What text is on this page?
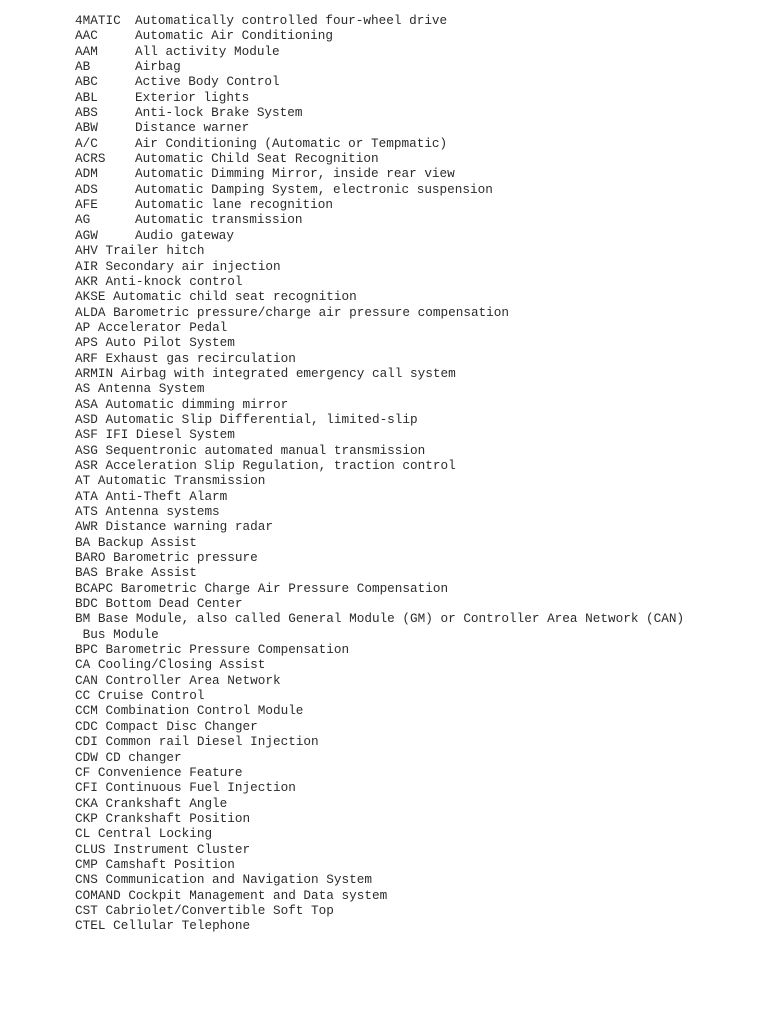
4MATIC Automatically controlled four-wheel drive
AAC	Automatic Air Conditioning
AAM	All activity Module
AB	Airbag
ABC	Active Body Control
ABL	Exterior lights
ABS	Anti-lock Brake System
ABW	Distance warner
A/C	Air Conditioning (Automatic or Tempmatic)
ACRS Automatic Child Seat Recognition
ADM	Automatic Dimming Mirror, inside rear view
ADS	Automatic Damping System, electronic suspension
AFE	Automatic lane recognition
AG	Automatic transmission
AGW	Audio gateway
AHV Trailer hitch
AIR Secondary air injection
AKR Anti-knock control
AKSE Automatic child seat recognition
ALDA Barometric pressure/charge air pressure compensation
AP Accelerator Pedal
APS Auto Pilot System
ARF Exhaust gas recirculation
ARMIN Airbag with integrated emergency call system
AS Antenna System
ASA Automatic dimming mirror
ASD Automatic Slip Differential, limited-slip
ASF IFI Diesel System
ASG Sequentronic automated manual transmission
ASR Acceleration Slip Regulation, traction control
AT Automatic Transmission
ATA Anti-Theft Alarm
ATS Antenna systems
AWR Distance warning radar
BA Backup Assist
BARO Barometric pressure
BAS Brake Assist
BCAPC Barometric Charge Air Pressure Compensation
BDC Bottom Dead Center
BM Base Module, also called General Module (GM) or Controller Area Network (CAN)
Bus Module
BPC Barometric Pressure Compensation
CA Cooling/Closing Assist
CAN Controller Area Network
CC Cruise Control
CCM Combination Control Module
CDC Compact Disc Changer
CDI Common rail Diesel Injection
CDW CD changer
CF Convenience Feature
CFI Continuous Fuel Injection
CKA Crankshaft Angle
CKP Crankshaft Position
CL Central Locking
CLUS Instrument Cluster
CMP Camshaft Position
CNS Communication and Navigation System
COMAND Cockpit Management and Data system
CST Cabriolet/Convertible Soft Top
CTEL Cellular Telephone
